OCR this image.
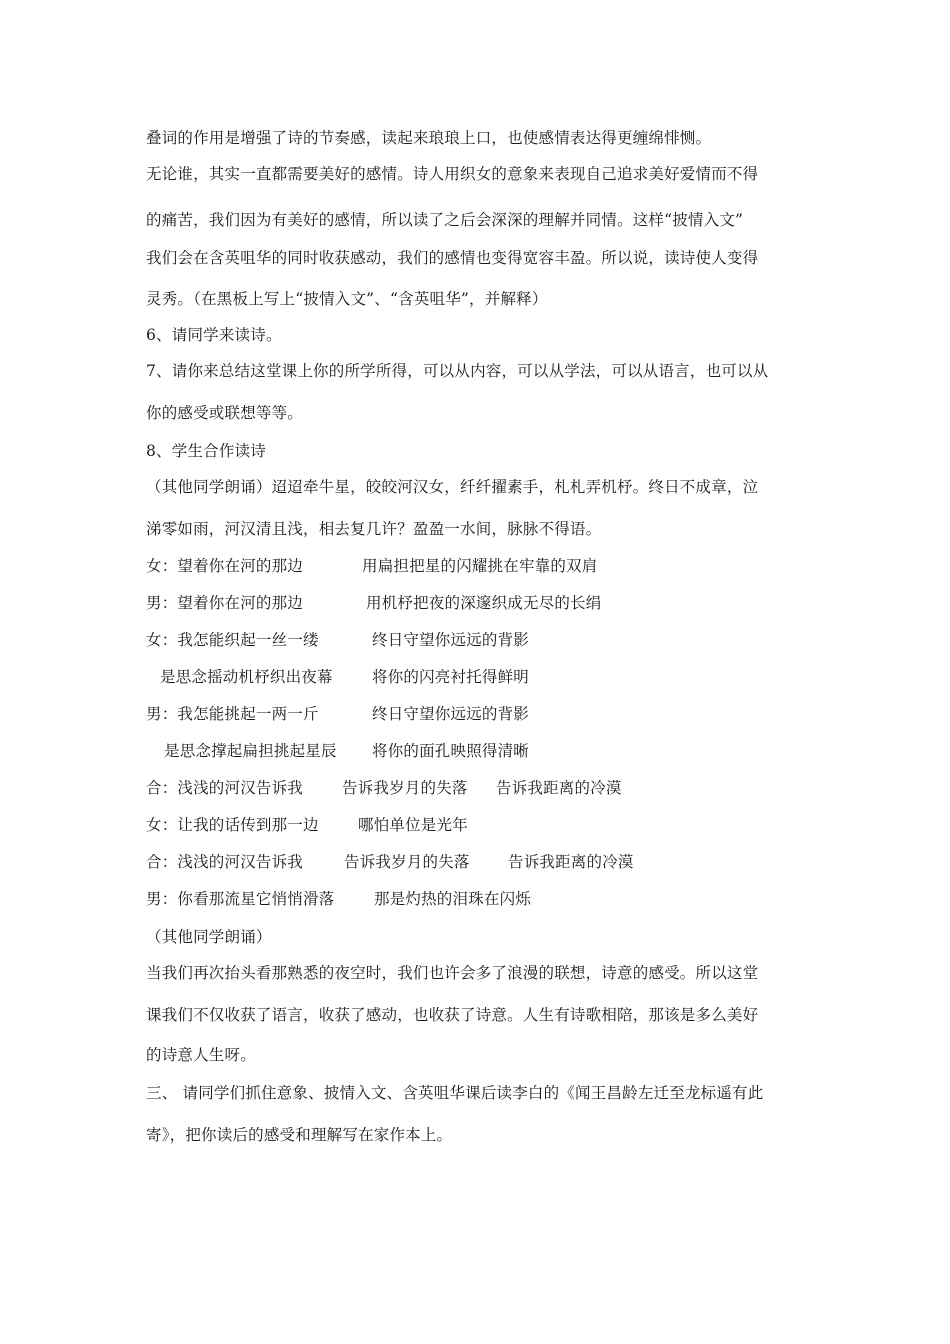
叠词的作用是增强了诗的节奏感，读起来琅琅上口，也使感情表达得更缠绵悱恻。
无论谁，其实一直都需要美好的感情。诗人用织女的意象来表现自己追求美好爱情而不得
的痛苦，我们因为有美好的感情，所以读了之后会深深的理解并同情。这样“披情入文”
我们会在含英咀华的同时收获感动，我们的感情也变得宽容丰盈。所以说，读诗使人变得
灵秀。（在黑板上写上“披情入文”、“含英咀华”，并解释）
6、请同学来读诗。
7、请你来总结这堂课上你的所学所得，可以从内容，可以从学法，可以从语言，也可以从
你的感受或联想等等。
8、学生合作读诗
（其他同学朗诵）迢迢牵牛星，皎皎河汉女，纤纤擢素手，札札弄机杼。终日不成章，泣
涕零如雨，河汉清且浅，相去复几许？盈盈一水间，脉脉不得语。
女：望着你在河的那边	用扁担把星的闪耀挑在牢靠的双肩
男：望着你在河的那边	用机杼把夜的深邃织成无尽的长绢
女：我怎能织起一丝一缕	终日守望你远远的背影
是思念摇动机杼织出夜幕	将你的闪亮衬托得鲜明
男：我怎能挑起一两一斤	终日守望你远远的背影
是思念撑起扁担挑起星辰 将你的面孔映照得清晰
合：浅浅的河汉告诉我	告诉我岁月的失落 告诉我距离的冷漠
女：让我的话传到那一边	哪怕单位是光年
合：浅浅的河汉告诉我	告诉我岁月的失落 告诉我距离的冷漠
男：你看那流星它悄悄滑落	那是灼热的泪珠在闪烁
（其他同学朗诵）
当我们再次抬头看那熟悉的夜空时，我们也许会多了浪漫的联想，诗意的感受。所以这堂
课我们不仅收获了语言，收获了感动，也收获了诗意。人生有诗歌相陪，那该是多么美好
的诗意人生呀。
三、 请同学们抓住意象、披情入文、含英咀华课后读李白的《闻王昌龄左迁至龙标遥有此
寄》，把你读后的感受和理解写在家作本上。
